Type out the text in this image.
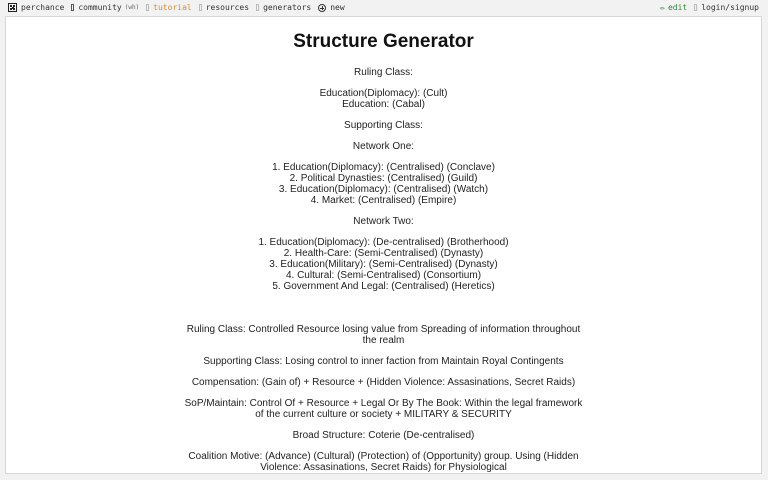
perchance community (wh) tutorial resources generators new	✏ edit login/signup
Structure Generator
Ruling Class:
Education(Diplomacy): (Cult)
Education: (Cabal)
Supporting Class:
Network One:
1. Education(Diplomacy): (Centralised) (Conclave)
2. Political Dynasties: (Centralised) (Guild)
3. Education(Diplomacy): (Centralised) (Watch)
4. Market: (Centralised) (Empire)
Network Two:
1. Education(Diplomacy): (De-centralised) (Brotherhood)
2. Health-Care: (Semi-Centralised) (Dynasty)
3. Education(Military): (Semi-Centralised) (Dynasty)
4. Cultural: (Semi-Centralised) (Consortium)
5. Government And Legal: (Centralised) (Heretics)
Ruling Class: Controlled Resource losing value from Spreading of information throughout the realm
Supporting Class: Losing control to inner faction from Maintain Royal Contingents
Compensation: (Gain of) + Resource + (Hidden Violence: Assasinations, Secret Raids)
SoP/Maintain: Control Of + Resource + Legal Or By The Book: Within the legal framework of the current culture or society + MILITARY & SECURITY
Broad Structure: Coterie (De-centralised)
Coalition Motive: (Advance) (Cultural) (Protection) of (Opportunity) group. Using (Hidden Violence: Assasinations, Secret Raids) for Physiological
